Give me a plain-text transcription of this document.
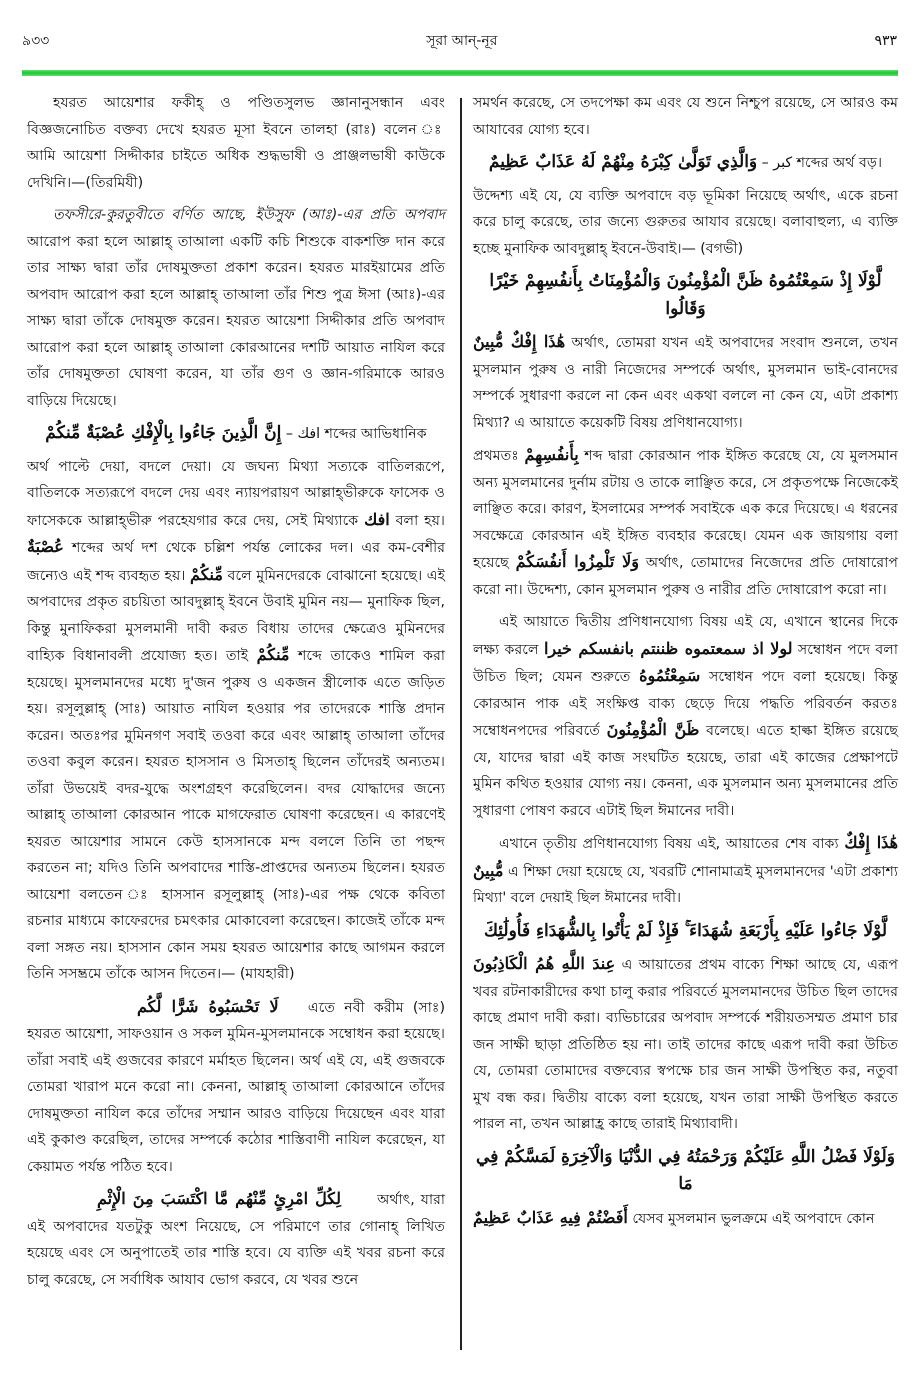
৯৩৩	সূরা আন্-নূর	۹۳۳

হযরত আয়েশার ফকীহ্ ও পণ্ডিতসুলভ জ্ঞানানুসন্ধান এবং বিজ্ঞজনোচিত বক্তব্য দেখে হযরত মূসা ইবনে তালহা (রাঃ) বলেন ঃ আমি আয়েশা সিদ্দীকার চাইতে অধিক শুদ্ধভাষী ও প্রাঞ্জলভাষী কাউকে দেখিনি।—(তিরমিযী)

তফসীরে-কুরতুবীতে বর্ণিত আছে, ইউসুফ (আঃ)-এর প্রতি অপবাদ আরোপ করা হলে আল্লাহ্ তাআলা একটি কচি শিশুকে বাকশক্তি দান করে তার সাক্ষ্য দ্বারা তাঁর দোষমুক্ততা প্রকাশ করেন। হযরত মারইয়ামের প্রতি অপবাদ আরোপ করা হলে আল্লাহ্ তাআলা তাঁর শিশু পুত্র ঈসা (আঃ)-এর সাক্ষ্য দ্বারা তাঁকে দোষমুক্ত করেন। হযরত আয়েশা সিদ্দীকার প্রতি অপবাদ আরোপ করা হলে আল্লাহ্ তাআলা কোরআনের দশটি আয়াত নাযিল করে তাঁর দোষমুক্ততা ঘোষণা করেন, যা তাঁর গুণ ও জ্ঞান-গরিমাকে আরও বাড়িয়ে দিয়েছে।

إِنَّ الَّذِينَ جَاءُوا بِالْإِفْكِ عُصْبَةٌ مِّنكُمْ – افك শব্দের আভিধানিক

অর্থ পাল্টে দেয়া, বদলে দেয়া। যে জঘন্য মিথ্যা সত্যকে বাতিলরূপে, বাতিলকে সত্যরূপে বদলে দেয় এবং ন্যায়পরায়ণ আল্লাহ্ভীরুকে ফাসেক ও ফাসেককে আল্লাহ্ভীরু পরহেযগার করে দেয়, সেই মিথ্যাকে افك বলা হয়। عُصْبَةٌ শব্দের অর্থ দশ থেকে চল্লিশ পর্যন্ত লোকের দল। এর কম-বেশীর জন্যেও এই শব্দ ব্যবহৃত হয়। مِّنكُمْ বলে মুমিনদেরকে বোঝানো হয়েছে। এই অপবাদের প্রকৃত রচয়িতা আবদুল্লাহ্ ইবনে উবাই মুমিন নয়— মুনাফিক ছিল, কিন্তু মুনাফিকরা মুসলমানী দাবী করত বিধায় তাদের ক্ষেত্রেও মুমিনদের বাহ্যিক বিধানাবলী প্রযোজ্য হত। তাই مِّنكُمْ শব্দে তাকেও শামিল করা হয়েছে। মুসলমানদের মধ্যে দু'জন পুরুষ ও একজন স্ত্রীলোক এতে জড়িত হয়। রসূলুল্লাহ্ (সাঃ) আয়াত নাযিল হওয়ার পর তাদেরকে শাস্তি প্রদান করেন। অতঃপর মুমিনগণ সবাই তওবা করে এবং আল্লাহ্ তাআলা তাঁদের তওবা কবুল করেন। হযরত হাসসান ও মিসতাহ্ ছিলেন তাঁদেরই অন্যতম। তাঁরা উভয়েই বদর-যুদ্ধে অংশগ্রহণ করেছিলেন। বদর যোদ্ধাদের জন্যে আল্লাহ্ তাআলা কোরআন পাকে মাগফেরাত ঘোষণা করেছেন। এ কারণেই হযরত আয়েশার সামনে কেউ হাসসানকে মন্দ বললে তিনি তা পছন্দ করতেন না; যদিও তিনি অপবাদের শাস্তি-প্রাপ্তদের অন্যতম ছিলেন। হযরত আয়েশা বলতেন ঃ হাসসান রসূলুল্লাহ্ (সাঃ)-এর পক্ষ থেকে কবিতা রচনার মাধ্যমে কাফেরদের চমৎকার মোকাবেলা করেছেন। কাজেই তাঁকে মন্দ বলা সঙ্গত নয়। হাসসান কোন সময় হযরত আয়েশার কাছে আগমন করলে তিনি সসম্ভ্রমে তাঁকে আসন দিতেন।— (মাযহারী)

لَا تَحْسَبُوهُ شَرًّا لَّكُم এতে নবী করীম (সাঃ) হযরত আয়েশা, সাফওয়ান ও সকল মুমিন-মুসলমানকে সম্বোধন করা হয়েছে। তাঁরা সবাই এই গুজবের কারণে মর্মাহত ছিলেন। অর্থ এই যে, এই গুজবকে তোমরা খারাপ মনে করো না। কেননা, আল্লাহ্ তাআলা কোরআনে তাঁদের দোষমুক্ততা নাযিল করে তাঁদের সম্মান আরও বাড়িয়ে দিয়েছেন এবং যারা এই কুকাণ্ড করেছিল, তাদের সম্পর্কে কঠোর শাস্তিবাণী নাযিল করেছেন, যা কেয়ামত পর্যন্ত পঠিত হবে।

لِكُلِّ امْرِئٍ مِّنْهُم مَّا اكْتَسَبَ مِنَ الْإِثْمِ	অর্থাৎ, যারা এই অপবাদের যতটুকু অংশ নিয়েছে, সে পরিমাণে তার গোনাহ্ লিখিত হয়েছে এবং সে অনুপাতেই তার শাস্তি হবে। যে ব্যক্তি এই খবর রচনা করে চালু করেছে, সে সর্বাধিক আযাব ভোগ করবে, যে খবর শুনে

সমর্থন করেছে, সে তদপেক্ষা কম এবং যে শুনে নিশ্চুপ রয়েছে, সে আরও কম আযাবের যোগ্য হবে।

وَالَّذِي تَوَلَّىٰ كِبْرَهُ مِنْهُمْ لَهُ عَذَابٌ عَظِيمٌ – كبر শব্দের অর্থ বড়।

উদ্দেশ্য এই যে, যে ব্যক্তি অপবাদে বড় ভূমিকা নিয়েছে অর্থাৎ, একে রচনা করে চালু করেছে, তার জন্যে গুরুতর আযাব রয়েছে। বলাবাহুল্য, এ ব্যক্তি হচ্ছে মুনাফিক আবদুল্লাহ্ ইবনে-উবাই।— (বগভী)

لَّوْلَا إِذْ سَمِعْتُمُوهُ ظَنَّ الْمُؤْمِنُونَ وَالْمُؤْمِنَاتُ بِأَنفُسِهِمْ خَيْرًا وَقَالُوا

هَٰذَا إِفْكٌ مُّبِينٌ অর্থাৎ, তোমরা যখন এই অপবাদের সংবাদ শুনলে, তখন মুসলমান পুরুষ ও নারী নিজেদের সম্পর্কে অর্থাৎ, মুসলমান ভাই-বোনদের সম্পর্কে সুধারণা করলে না কেন এবং একথা বললে না কেন যে, এটা প্রকাশ্য মিথ্যা? এ আয়াতে কয়েকটি বিষয় প্রণিধানযোগ্য।

প্রথমতঃ بِأَنفُسِهِمْ শব্দ দ্বারা কোরআন পাক ইঙ্গিত করেছে যে, যে মুলসমান অন্য মুসলমানের দুর্নাম রটায় ও তাকে লাঞ্ছিত করে, সে প্রকৃতপক্ষে নিজেকেই লাঞ্ছিত করে। কারণ, ইসলামের সম্পর্ক সবাইকে এক করে দিয়েছে। এ ধরনের সবক্ষেত্রে কোরআন এই ইঙ্গিত ব্যবহার করেছে। যেমন এক জায়গায় বলা হয়েছে وَلَا تَلْمِزُوا أَنفُسَكُمْ অর্থাৎ, তোমাদের নিজেদের প্রতি দোষারোপ করো না। উদ্দেশ্য, কোন মুসলমান পুরুষ ও নারীর প্রতি দোষারোপ করো না।

এই আয়াতে দ্বিতীয় প্রণিধানযোগ্য বিষয় এই যে, এখানে স্থানের দিকে লক্ষ্য করলে لولا اذ سمعتموه ظننتم بانفسكم خيرا সম্বোধন পদে বলা উচিত ছিল; যেমন শুরুতে سَمِعْتُمُوهُ সম্বোধন পদে বলা হয়েছে। কিন্তু কোরআন পাক এই সংক্ষিপ্ত বাক্য ছেড়ে দিয়ে পদ্ধতি পরিবর্তন করতঃ সম্বোধনপদের পরিবর্তে ظَنَّ الْمُؤْمِنُونَ বলেছে। এতে হাল্কা ইঙ্গিত রয়েছে যে, যাদের দ্বারা এই কাজ সংঘটিত হয়েছে, তারা এই কাজের প্রেক্ষাপটে মুমিন কথিত হওয়ার যোগ্য নয়। কেননা, এক মুসলমান অন্য মুসলমানের প্রতি সুধারণা পোষণ করবে এটাই ছিল ঈমানের দাবী।

এখানে তৃতীয় প্রণিধানযোগ্য বিষয় এই, আয়াতের শেষ বাক্য هَٰذَا إِفْكٌ مُّبِينٌ এ শিক্ষা দেয়া হয়েছে যে, খবরটি শোনামাত্রই মুসলমানদের 'এটা প্রকাশ্য মিথ্যা' বলে দেয়াই ছিল ঈমানের দাবী।

لَّوْلَا جَاءُوا عَلَيْهِ بِأَرْبَعَةِ شُهَدَاءَ ۚ فَإِذْ لَمْ يَأْتُوا بِالشُّهَدَاءِ فَأُولَٰئِكَ

عِندَ اللَّهِ هُمُ الْكَاذِبُونَ এ আয়াতের প্রথম বাক্যে শিক্ষা আছে যে, এরূপ খবর রটনাকারীদের কথা চালু করার পরিবর্তে মুসলমানদের উচিত ছিল তাদের কাছে প্রমাণ দাবী করা। ব্যভিচারের অপবাদ সম্পর্কে শরীয়তসম্মত প্রমাণ চার জন সাক্ষী ছাড়া প্রতিষ্ঠিত হয় না। তাই তাদের কাছে এরূপ দাবী করা উচিত যে, তোমরা তোমাদের বক্তব্যের স্বপক্ষে চার জন সাক্ষী উপস্থিত কর, নতুবা মুখ বন্ধ কর। দ্বিতীয় বাক্যে বলা হয়েছে, যখন তারা সাক্ষী উপস্থিত করতে পারল না, তখন আল্লাহ্র কাছে তারাই মিথ্যাবাদী।

وَلَوْلَا فَضْلُ اللَّهِ عَلَيْكُمْ وَرَحْمَتُهُ فِي الدُّنْيَا وَالْآخِرَةِ لَمَسَّكُمْ فِي مَا

أَفَضْتُمْ فِيهِ عَذَابٌ عَظِيمٌ যেসব মুসলমান ভুলক্রমে এই অপবাদে কোন
